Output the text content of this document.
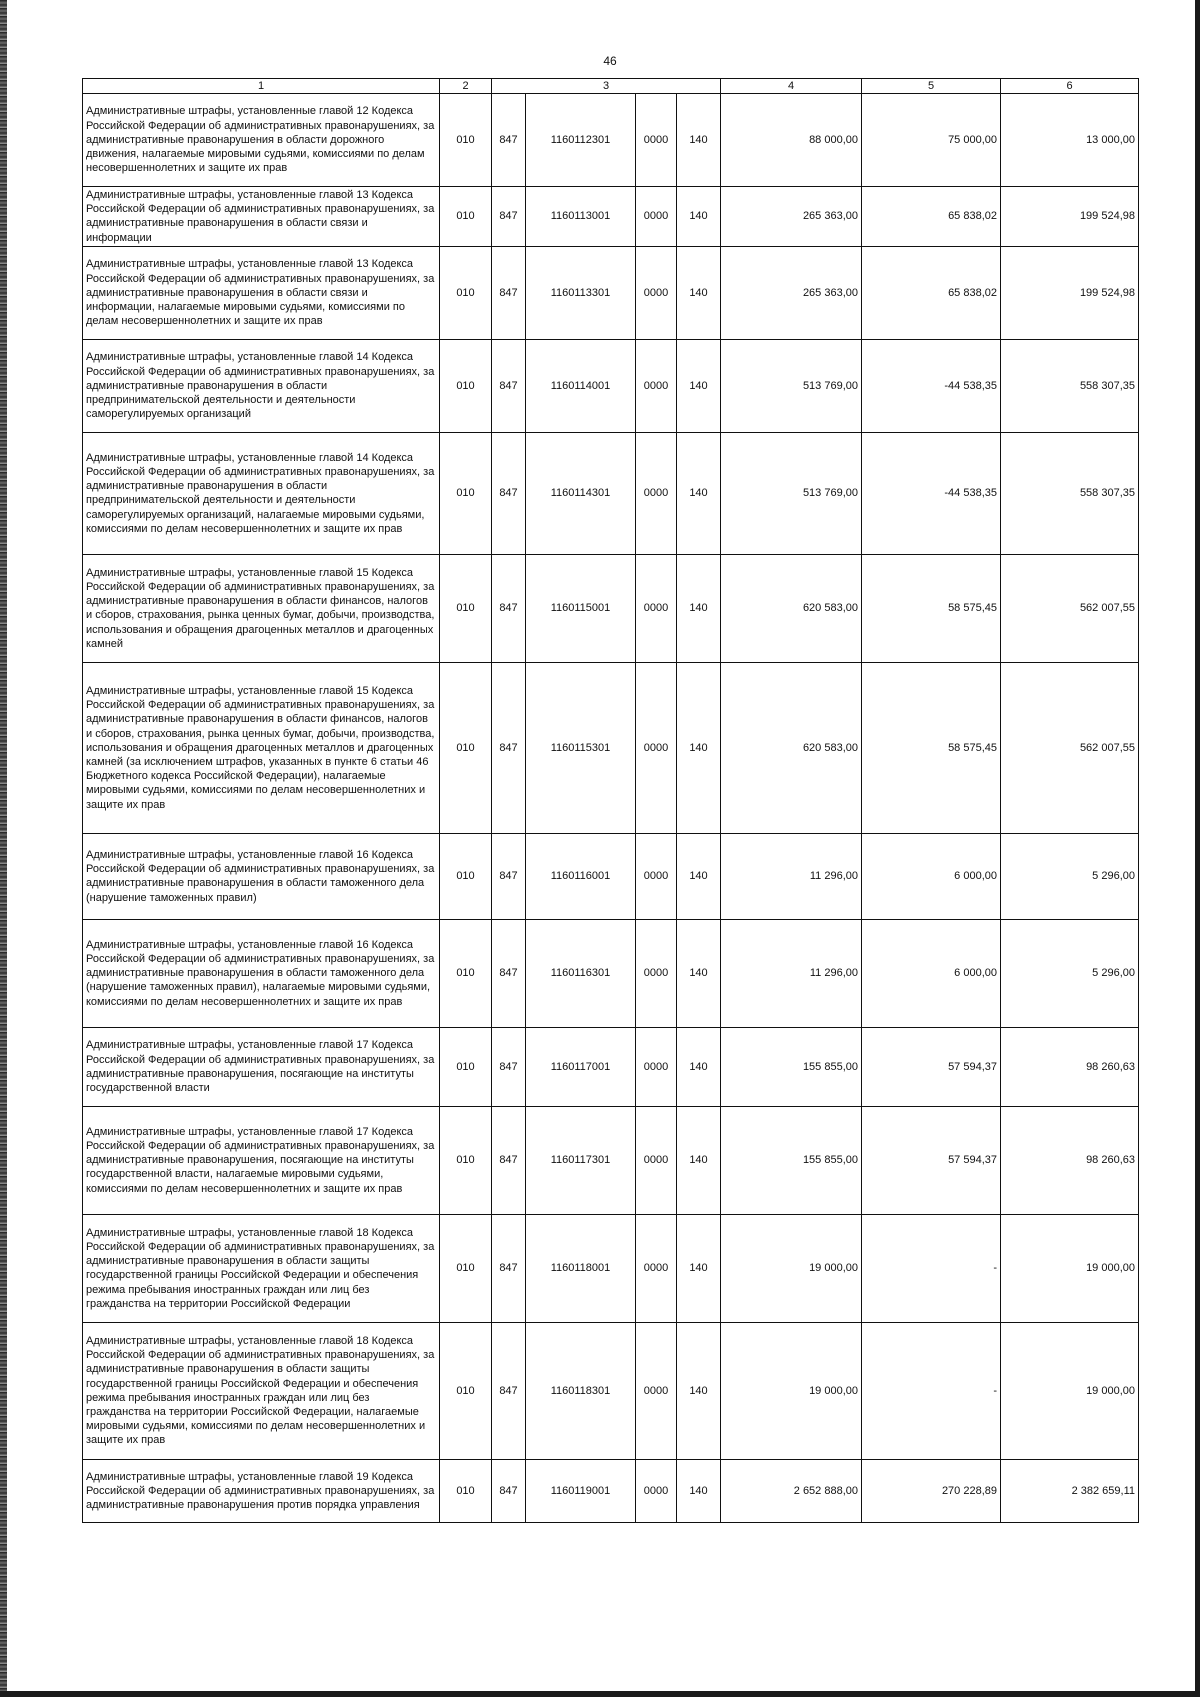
46
1	2	3				4	5	6
Административные штрафы, установленные главой 12 Кодекса Российской Федерации об административных правонарушениях, за административные правонарушения в области дорожного движения, налагаемые мировыми судьями, комиссиями по делам несовершеннолетних и защите их прав	010	847	1160112301	0000	140	88 000,00	75 000,00	13 000,00
Административные штрафы, установленные главой 13 Кодекса Российской Федерации об административных правонарушениях, за административные правонарушения в области связи и информации	010	847	1160113001	0000	140	265 363,00	65 838,02	199 524,98
Административные штрафы, установленные главой 13 Кодекса Российской Федерации об административных правонарушениях, за административные правонарушения в области связи и информации, налагаемые мировыми судьями, комиссиями по делам несовершеннолетних и защите их прав	010	847	1160113301	0000	140	265 363,00	65 838,02	199 524,98
Административные штрафы, установленные главой 14 Кодекса Российской Федерации об административных правонарушениях, за административные правонарушения в области предпринимательской деятельности и деятельности саморегулируемых организаций	010	847	1160114001	0000	140	513 769,00	-44 538,35	558 307,35
Административные штрафы, установленные главой 14 Кодекса Российской Федерации об административных правонарушениях, за административные правонарушения в области предпринимательской деятельности и деятельности саморегулируемых организаций, налагаемые мировыми судьями, комиссиями по делам несовершеннолетних и защите их прав	010	847	1160114301	0000	140	513 769,00	-44 538,35	558 307,35
Административные штрафы, установленные главой 15 Кодекса Российской Федерации об административных правонарушениях, за административные правонарушения в области финансов, налогов и сборов, страхования, рынка ценных бумаг, добычи, производства, использования и обращения драгоценных металлов и драгоценных камней	010	847	1160115001	0000	140	620 583,00	58 575,45	562 007,55
Административные штрафы, установленные главой 15 Кодекса Российской Федерации об административных правонарушениях, за административные правонарушения в области финансов, налогов и сборов, страхования, рынка ценных бумаг, добычи, производства, использования и обращения драгоценных металлов и драгоценных камней (за исключением штрафов, указанных в пункте 6 статьи 46 Бюджетного кодекса Российской Федерации), налагаемые мировыми судьями, комиссиями по делам несовершеннолетних и защите их прав	010	847	1160115301	0000	140	620 583,00	58 575,45	562 007,55
Административные штрафы, установленные главой 16 Кодекса Российской Федерации об административных правонарушениях, за административные правонарушения в области таможенного дела (нарушение таможенных правил)	010	847	1160116001	0000	140	11 296,00	6 000,00	5 296,00
Административные штрафы, установленные главой 16 Кодекса Российской Федерации об административных правонарушениях, за административные правонарушения в области таможенного дела (нарушение таможенных правил), налагаемые мировыми судьями, комиссиями по делам несовершеннолетних и защите их прав	010	847	1160116301	0000	140	11 296,00	6 000,00	5 296,00
Административные штрафы, установленные главой 17 Кодекса Российской Федерации об административных правонарушениях, за административные правонарушения, посягающие на институты государственной власти	010	847	1160117001	0000	140	155 855,00	57 594,37	98 260,63
Административные штрафы, установленные главой 17 Кодекса Российской Федерации об административных правонарушениях, за административные правонарушения, посягающие на институты государственной власти, налагаемые мировыми судьями, комиссиями по делам несовершеннолетних и защите их прав	010	847	1160117301	0000	140	155 855,00	57 594,37	98 260,63
Административные штрафы, установленные главой 18 Кодекса Российской Федерации об административных правонарушениях, за административные правонарушения в области защиты государственной границы Российской Федерации и обеспечения режима пребывания иностранных граждан или лиц без гражданства на территории Российской Федерации	010	847	1160118001	0000	140	19 000,00	-	19 000,00
Административные штрафы, установленные главой 18 Кодекса Российской Федерации об административных правонарушениях, за административные правонарушения в области защиты государственной границы Российской Федерации и обеспечения режима пребывания иностранных граждан или лиц без гражданства на территории Российской Федерации, налагаемые мировыми судьями, комиссиями по делам несовершеннолетних и защите их прав	010	847	1160118301	0000	140	19 000,00	-	19 000,00
Административные штрафы, установленные главой 19 Кодекса Российской Федерации об административных правонарушениях, за административные правонарушения против порядка управления	010	847	1160119001	0000	140	2 652 888,00	270 228,89	2 382 659,11
